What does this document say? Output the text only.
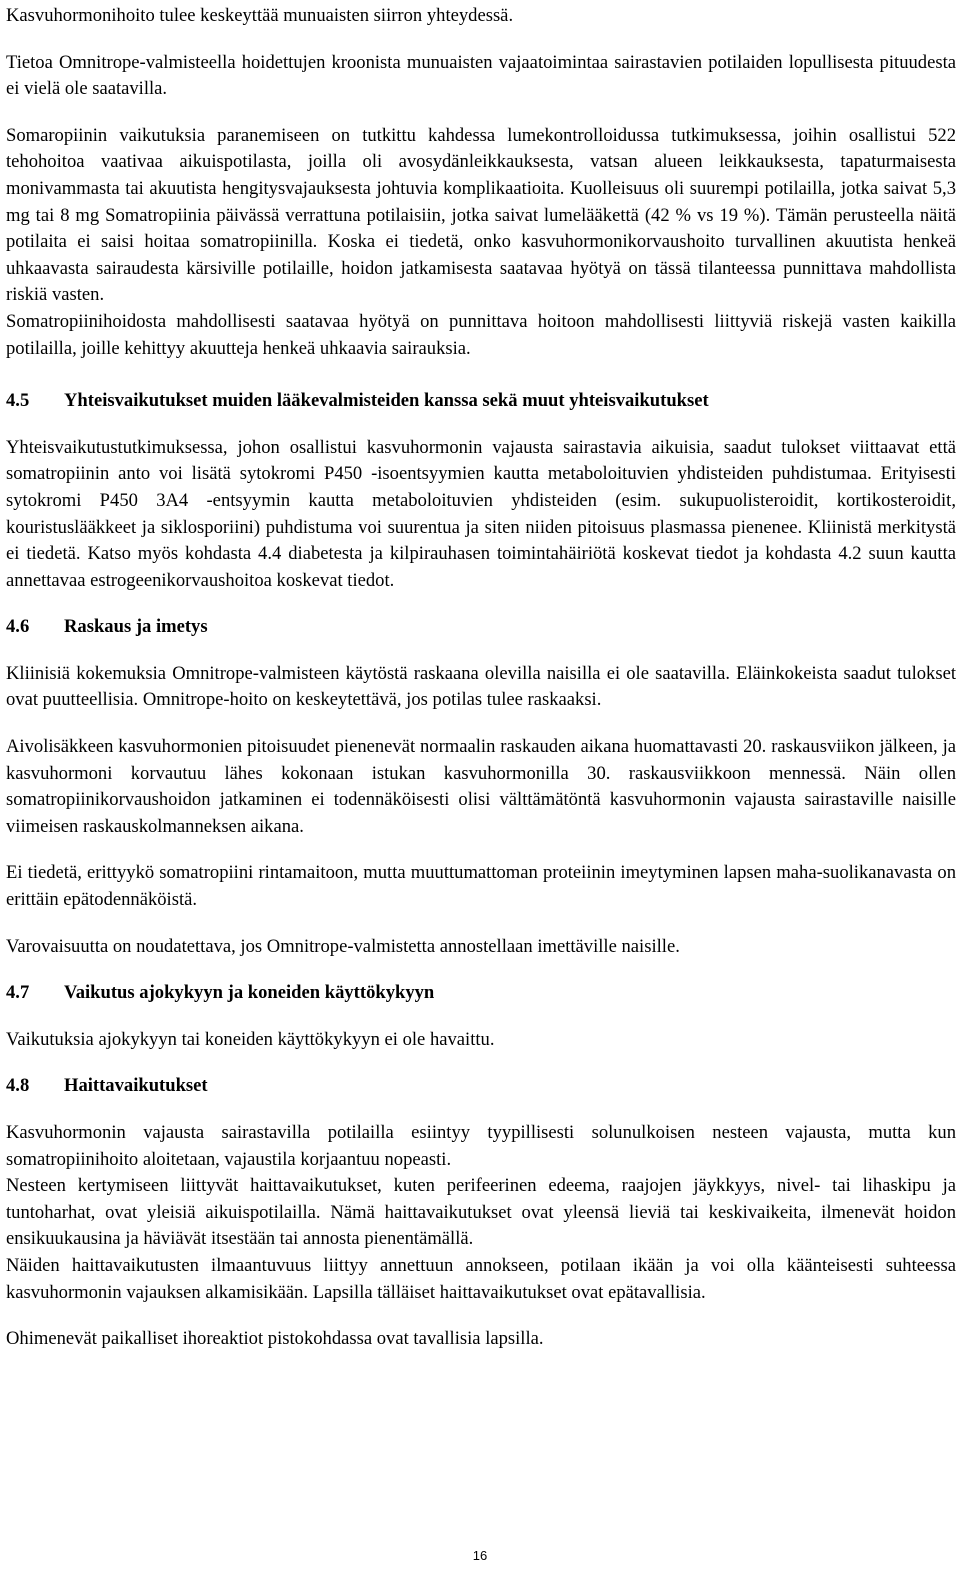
Kasvuhormonihoito tulee keskeyttää munuaisten siirron yhteydessä.

Tietoa Omnitrope-valmisteella hoidettujen kroonista munuaisten vajaatoimintaa sairastavien potilaiden lopullisesta pituudesta ei vielä ole saatavilla.

Somaropiinin vaikutuksia paranemiseen on tutkittu kahdessa lumekontrolloidussa tutkimuksessa, joihin osallistui 522 tehohoitoa vaativaa aikuispotilasta, joilla oli avosydänleikkauksesta, vatsan alueen leikkauksesta, tapaturmaisesta monivammasta tai akuutista hengitysvajauksesta johtuvia komplikaatioita. Kuolleisuus oli suurempi potilailla, jotka saivat 5,3 mg tai 8 mg Somatropiinia päivässä verrattuna potilaisiin, jotka saivat lumelääkettä (42 % vs 19 %). Tämän perusteella näitä potilaita ei saisi hoitaa somatropiinilla. Koska ei tiedetä, onko kasvuhormonikorvaushoito turvallinen akuutista henkeä uhkaavasta sairaudesta kärsiville potilaille, hoidon jatkamisesta saatavaa hyötyä on tässä tilanteessa punnittava mahdollista riskiä vasten.

Somatropiinihoidosta mahdollisesti saatavaa hyötyä on punnittava hoitoon mahdollisesti liittyviä riskejä vasten kaikilla potilailla, joille kehittyy akuutteja henkeä uhkaavia sairauksia.

4.5 Yhteisvaikutukset muiden lääkevalmisteiden kanssa sekä muut yhteisvaikutukset

Yhteisvaikutustutkimuksessa, johon osallistui kasvuhormonin vajausta sairastavia aikuisia, saadut tulokset viittaavat että somatropiinin anto voi lisätä sytokromi P450 -isoentsyymien kautta metaboloituvien yhdisteiden puhdistumaa. Erityisesti sytokromi P450 3A4 -entsyymin kautta metaboloituvien yhdisteiden (esim. sukupuolisteroidit, kortikosteroidit, kouristuslääkkeet ja siklosporiini) puhdistuma voi suurentua ja siten niiden pitoisuus plasmassa pienenee. Kliinistä merkitystä ei tiedetä. Katso myös kohdasta 4.4 diabetesta ja kilpirauhasen toimintahäiriötä koskevat tiedot ja kohdasta 4.2 suun kautta annettavaa estrogeenikorvaushoitoa koskevat tiedot.

4.6 Raskaus ja imetys

Kliinisiä kokemuksia Omnitrope-valmisteen käytöstä raskaana olevilla naisilla ei ole saatavilla. Eläinkokeista saadut tulokset ovat puutteellisia. Omnitrope-hoito on keskeytettävä, jos potilas tulee raskaaksi.

Aivolisäkkeen kasvuhormonien pitoisuudet pienenevät normaalin raskauden aikana huomattavasti 20. raskausviikon jälkeen, ja kasvuhormoni korvautuu lähes kokonaan istukan kasvuhormonilla 30. raskausviikkoon mennessä. Näin ollen somatropiinikorvaushoidon jatkaminen ei todennäköisesti olisi välttämätöntä kasvuhormonin vajausta sairastaville naisille viimeisen raskauskolmanneksen aikana.

Ei tiedetä, erittyykö somatropiini rintamaitoon, mutta muuttumattoman proteiinin imeytyminen lapsen maha-suolikanavasta on erittäin epätodennäköistä.

Varovaisuutta on noudatettava, jos Omnitrope-valmistetta annostellaan imettäville naisille.

4.7 Vaikutus ajokykyyn ja koneiden käyttökykyyn

Vaikutuksia ajokykyyn tai koneiden käyttökykyyn ei ole havaittu.

4.8 Haittavaikutukset

Kasvuhormonin vajausta sairastavilla potilailla esiintyy tyypillisesti solunulkoisen nesteen vajausta, mutta kun somatropiinihoito aloitetaan, vajaustila korjaantuu nopeasti.

Nesteen kertymiseen liittyvät haittavaikutukset, kuten perifeerinen edeema, raajojen jäykkyys, nivel- tai lihaskipu ja tuntoharhat, ovat yleisiä aikuispotilailla. Nämä haittavaikutukset ovat yleensä lieviä tai keskivaikeita, ilmenevät hoidon ensikuukausina ja häviävät itsestään tai annosta pienentämällä.

Näiden haittavaikutusten ilmaantuvuus liittyy annettuun annokseen, potilaan ikään ja voi olla käänteisesti suhteessa kasvuhormonin vajauksen alkamisikään. Lapsilla tälläiset haittavaikutukset ovat epätavallisia.

Ohimenevät paikalliset ihoreaktiot pistokohdassa ovat tavallisia lapsilla.

16
